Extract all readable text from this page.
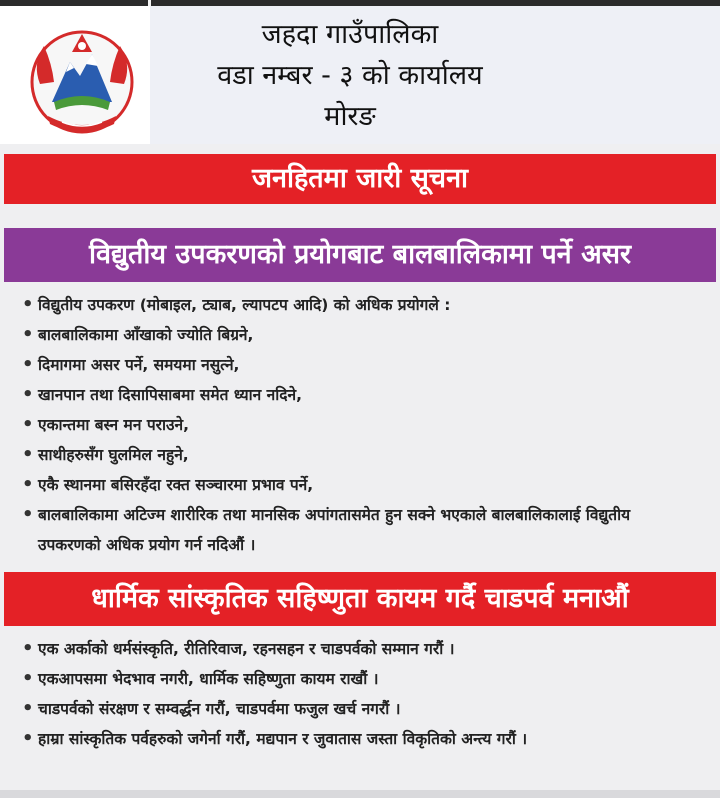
जहदा गाउँपालिका
वडा नम्बर - ३ को कार्यालय
मोरङ
जनहितमा जारी सूचना
विद्युतीय उपकरणको प्रयोगबाट बालबालिकामा पर्ने असर
• विद्युतीय उपकरण (मोबाइल, ट्याब, ल्यापटप आदि) को अधिक प्रयोगले :
• बालबालिकामा आँखाको ज्योति बिग्रने,
• दिमागमा असर पर्ने, समयमा नसुत्ने,
• खानपान तथा दिसापिसाबमा समेत ध्यान नदिने,
• एकान्तमा बस्न मन पराउने,
• साथीहरुसँग घुलमिल नहुने,
• एकै स्थानमा बसिरहँदा रक्त सञ्चारमा प्रभाव पर्ने,
• बालबालिकामा अटिज्म शारीरिक तथा मानसिक अपांगतासमेत हुन सक्ने भएकाले बालबालिकालाई विद्युतीय उपकरणको अधिक प्रयोग गर्न नदिऔं ।
धार्मिक सांस्कृतिक सहिष्णुता कायम गर्दै चाडपर्व मनाऔं
• एक अर्काको धर्मसंस्कृति, रीतिरिवाज, रहनसहन र चाडपर्वको सम्मान गरौं ।
• एकआपसमा भेदभाव नगरी, धार्मिक सहिष्णुता कायम राखौं ।
• चाडपर्वको संरक्षण र सम्वर्द्धन गरौं, चाडपर्वमा फजुल खर्च नगरौं ।
• हाम्रा सांस्कृतिक पर्वहरुको जगेर्ना गरौं, मद्यपान र जुवातास जस्ता विकृतिको अन्त्य गरौं ।
